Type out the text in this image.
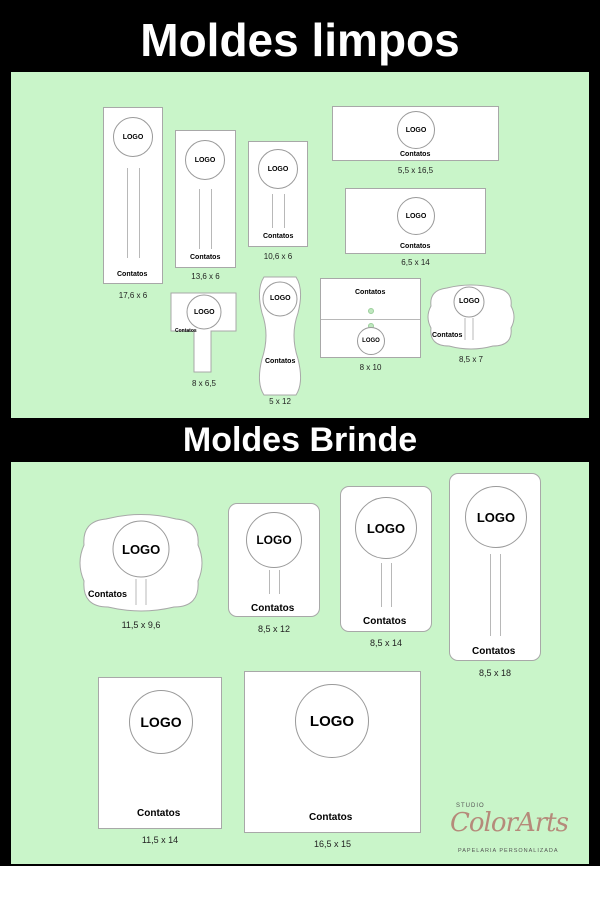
Moldes limpos
LOGO
Contatos
17,6 x 6
LOGO
Contatos
13,6 x 6
LOGO
Contatos
10,6 x 6
LOGO
Contatos
5,5 x 16,5
LOGO
Contatos
6,5 x 14
LOGO
Contatos
8 x 6,5
LOGO
Contatos
5 x 12
Contatos
LOGO
8 x 10
LOGO
Contatos
8,5 x 7
Moldes Brinde
LOGO
Contatos
11,5 x 9,6
LOGO
Contatos
8,5 x 12
LOGO
Contatos
8,5 x 14
LOGO
Contatos
8,5 x 18
LOGO
Contatos
11,5 x 14
LOGO
Contatos
16,5 x 15
STUDIO
ColorArts
PAPELARIA PERSONALIZADA
